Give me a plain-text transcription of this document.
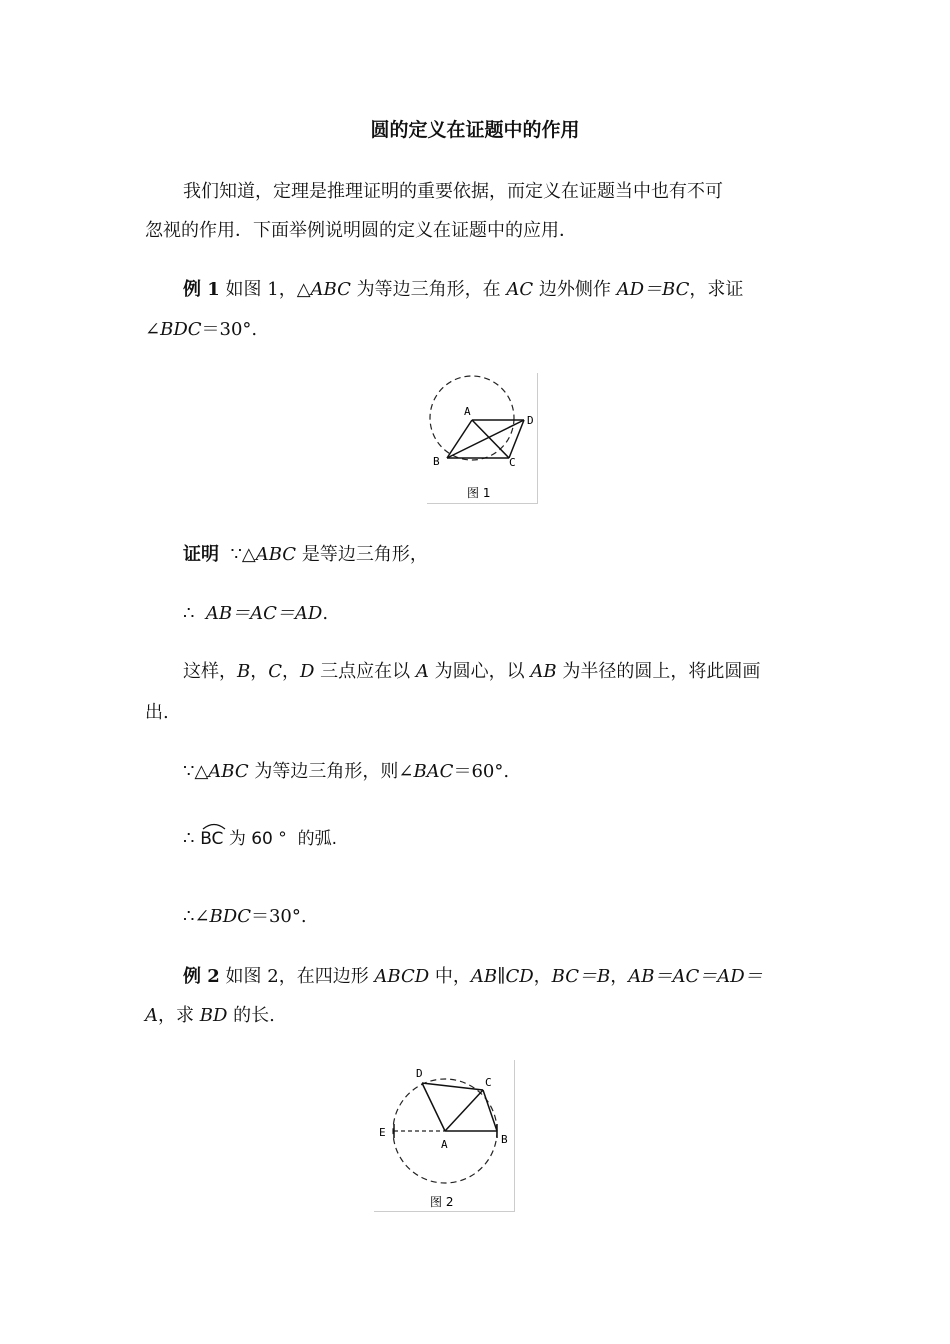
圆的定义在证题中的作用
我们知道，定理是推理证明的重要依据，而定义在证题当中也有不可
忽视的作用．下面举例说明圆的定义在证题中的应用．
例 1 如图 1，△ABC 为等边三角形，在 AC 边外侧作 AD＝BC，求证
∠BDC＝30°.
A
B	C
D
图 1
证明  ∵△ABC 是等边三角形，
∴  AB＝AC＝AD.
这样，B，C，D 三点应在以 A 为圆心，以 AB 为半径的圆上，将此圆画
出.
∵△ABC 为等边三角形，则∠BAC＝60°.
∴
BC 为 60 °  的弧.
∴∠BDC＝30°.
例 2 如图 2，在四边形 ABCD 中，AB∥CD，BC＝B，AB＝AC＝AD＝
A，求 BD 的长.
D
C
E
A	B
图 2
